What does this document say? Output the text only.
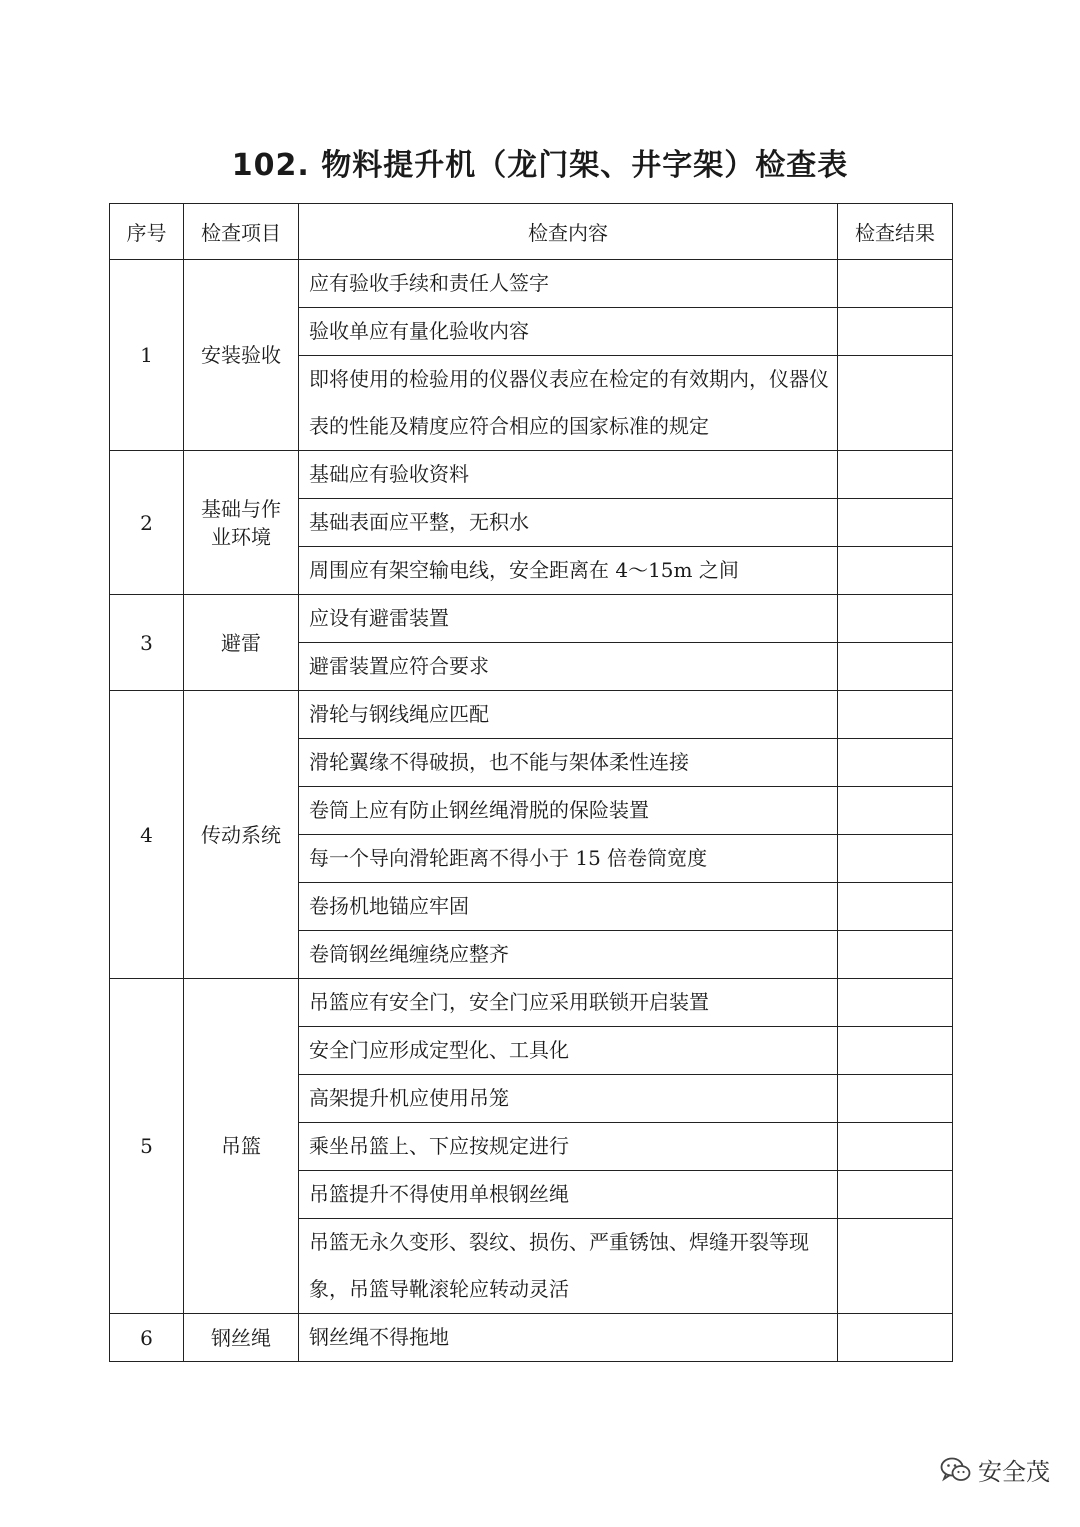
102. 物料提升机（龙门架、井字架）检查表
序号	检查项目	检查内容	检查结果
1	安装验收	应有验收手续和责任人签字	
		验收单应有量化验收内容	
		即将使用的检验用的仪器仪表应在检定的有效期内，仪器仪表的性能及精度应符合相应的国家标准的规定	
2	基础与作业环境	基础应有验收资料	
		基础表面应平整，无积水	
		周围应有架空输电线，安全距离在 4～15m 之间	
3	避雷	应设有避雷装置	
		避雷装置应符合要求	
4	传动系统	滑轮与钢线绳应匹配	
		滑轮翼缘不得破损，也不能与架体柔性连接	
		卷筒上应有防止钢丝绳滑脱的保险装置	
		每一个导向滑轮距离不得小于 15 倍卷筒宽度	
		卷扬机地锚应牢固	
		卷筒钢丝绳缠绕应整齐	
5	吊篮	吊篮应有安全门，安全门应采用联锁开启装置	
		安全门应形成定型化、工具化	
		高架提升机应使用吊笼	
		乘坐吊篮上、下应按规定进行	
		吊篮提升不得使用单根钢丝绳	
		吊篮无永久变形、裂纹、损伤、严重锈蚀、焊缝开裂等现象，吊篮导靴滚轮应转动灵活	
6	钢丝绳	钢丝绳不得拖地	
安全茂
